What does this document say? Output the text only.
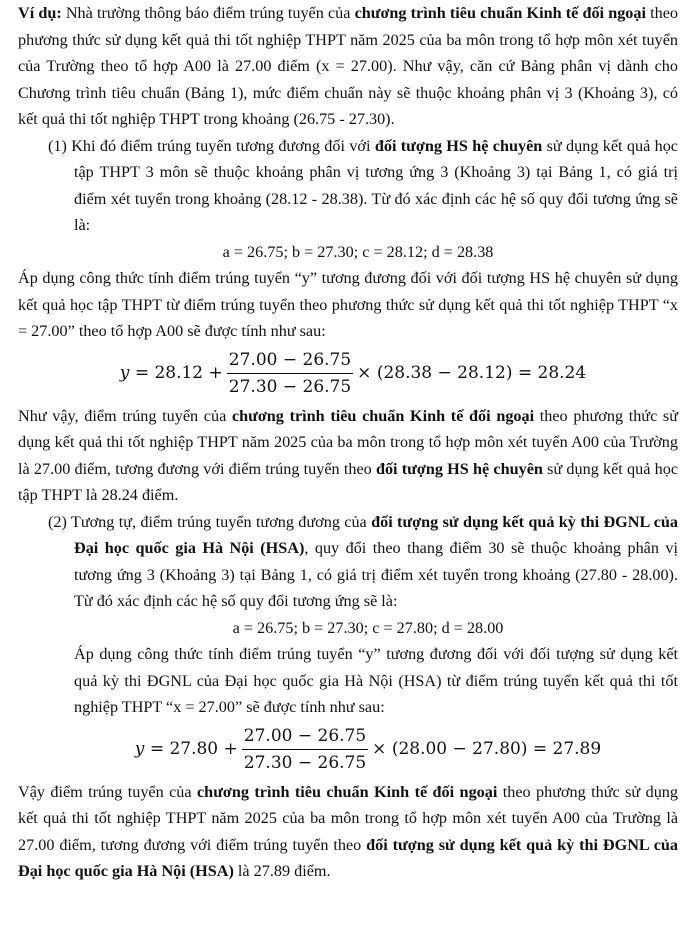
Ví dụ: Nhà trường thông báo điểm trúng tuyển của chương trình tiêu chuẩn Kinh tế đối ngoại theo phương thức sử dụng kết quả thi tốt nghiệp THPT năm 2025 của ba môn trong tổ hợp môn xét tuyển của Trường theo tổ hợp A00 là 27.00 điểm (x = 27.00). Như vậy, căn cứ Bảng phân vị dành cho Chương trình tiêu chuẩn (Bảng 1), mức điểm chuẩn này sẽ thuộc khoảng phân vị 3 (Khoảng 3), có kết quả thi tốt nghiệp THPT trong khoảng (26.75 - 27.30).

(1) Khi đó điểm trúng tuyển tương đương đối với đối tượng HS hệ chuyên sử dụng kết quả học tập THPT 3 môn sẽ thuộc khoảng phân vị tương ứng 3 (Khoảng 3) tại Bảng 1, có giá trị điểm xét tuyển trong khoảng (28.12 - 28.38). Từ đó xác định các hệ số quy đổi tương ứng sẽ là:

a = 26.75; b = 27.30; c = 28.12; d = 28.38

Áp dụng công thức tính điểm trúng tuyển “y” tương đương đối với đối tượng HS hệ chuyên sử dụng kết quả học tập THPT từ điểm trúng tuyển theo phương thức sử dụng kết quả thi tốt nghiệp THPT “x = 27.00” theo tổ hợp A00 sẽ được tính như sau:

y
= $28.12 + \frac{27.00 - 26.75}{27.30 - 26.75} \times (28.38 - 28.12) = 28.24$

Như vậy, điểm trúng tuyển của chương trình tiêu chuẩn Kinh tế đối ngoại theo phương thức sử dụng kết quả thi tốt nghiệp THPT năm 2025 của ba môn trong tổ hợp môn xét tuyển A00 của Trường là 27.00 điểm, tương đương với điểm trúng tuyển theo đối tượng HS hệ chuyên sử dụng kết quả học tập THPT là 28.24 điểm.

(2) Tương tự, điểm trúng tuyển tương đương của đối tượng sử dụng kết quả kỳ thi ĐGNL của Đại học quốc gia Hà Nội (HSA), quy đổi theo thang điểm 30 sẽ thuộc khoảng phân vị tương ứng 3 (Khoảng 3) tại Bảng 1, có giá trị điểm xét tuyển trong khoảng (27.80 - 28.00). Từ đó xác định các hệ số quy đổi tương ứng sẽ là:

a = 26.75; b = 27.30; c = 27.80; d = 28.00

Áp dụng công thức tính điểm trúng tuyển “y” tương đương đối với đối tượng sử dụng kết quả kỳ thi ĐGNL của Đại học quốc gia Hà Nội (HSA) từ điểm trúng tuyển kết quả thi tốt nghiệp THPT “x = 27.00” sẽ được tính như sau:

y
= $27.80 + \frac{27.00 - 26.75}{27.30 - 26.75} \times (28.00 - 27.80) = 27.89$

Vậy điểm trúng tuyển của chương trình tiêu chuẩn Kinh tế đối ngoại theo phương thức sử dụng kết quả thi tốt nghiệp THPT năm 2025 của ba môn trong tổ hợp môn xét tuyển A00 của Trường là 27.00 điểm, tương đương với điểm trúng tuyển theo đối tượng sử dụng kết quả kỳ thi ĐGNL của Đại học quốc gia Hà Nội (HSA) là 27.89 điểm.
